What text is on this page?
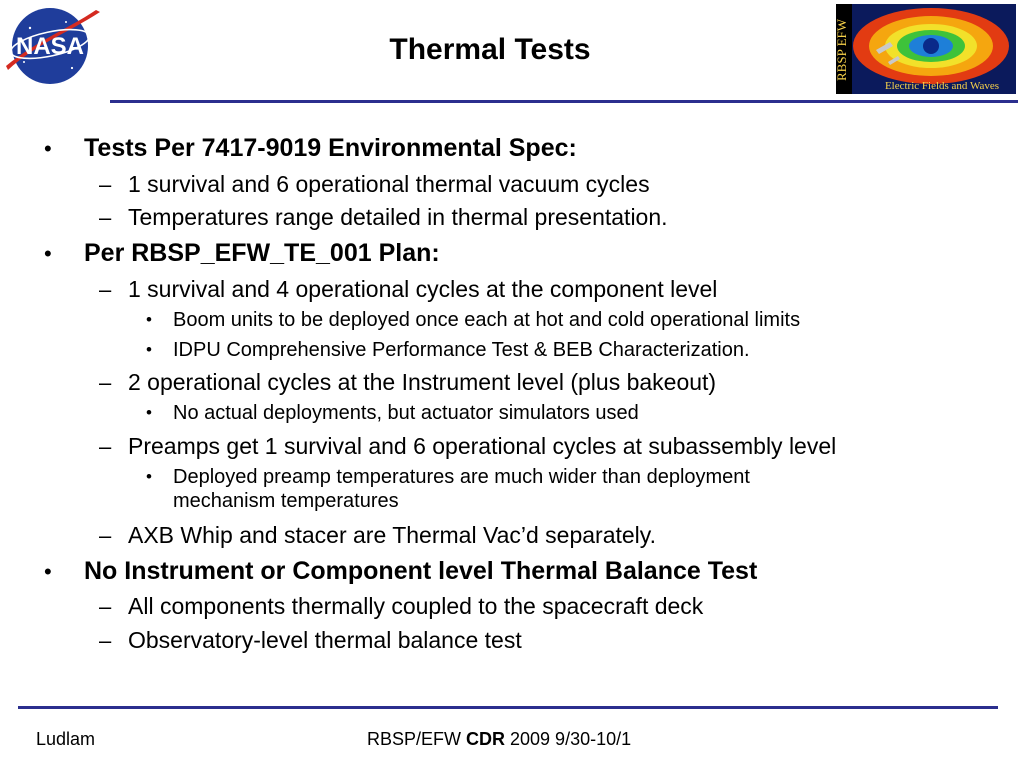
NASA	RBSP EFW
Electric Fields and Waves
Thermal Tests
• Tests Per 7417-9019 Environmental Spec:
– 1 survival and 6 operational thermal vacuum cycles
– Temperatures range detailed in thermal presentation.
• Per RBSP_EFW_TE_001 Plan:
– 1 survival and 4 operational cycles at the component level
• Boom units to be deployed once each at hot and cold operational limits
• IDPU Comprehensive Performance Test & BEB Characterization.
– 2 operational cycles at the Instrument level (plus bakeout)
• No actual deployments, but actuator simulators used
– Preamps get 1 survival and 6 operational cycles at subassembly level
• Deployed preamp temperatures are much wider than deployment
mechanism temperatures
– AXB Whip and stacer are Thermal Vac’d separately.
• No Instrument or Component level Thermal Balance Test
– All components thermally coupled to the spacecraft deck
– Observatory-level thermal balance test
Ludlam	RBSP/EFW CDR 2009 9/30-10/1
